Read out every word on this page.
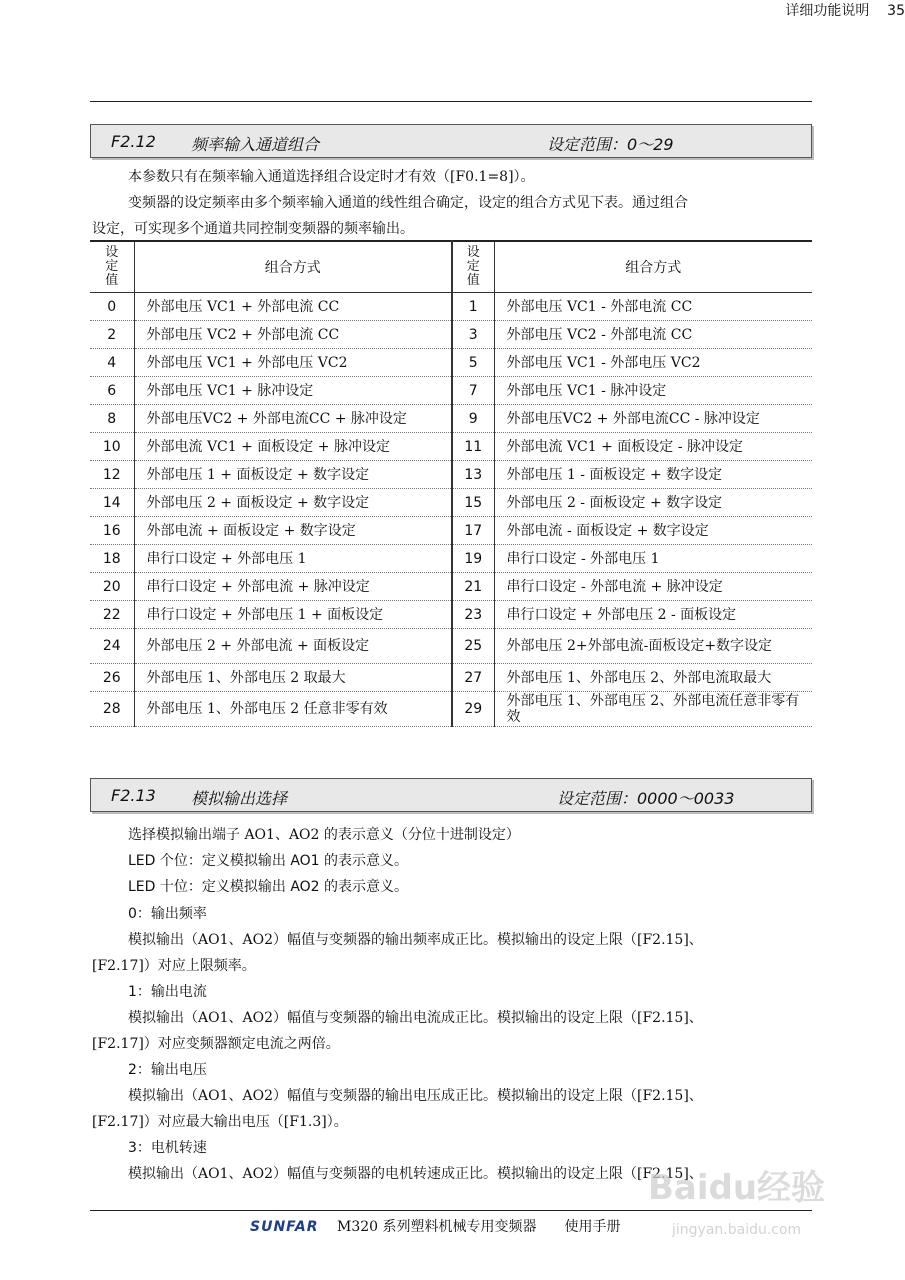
详细功能说明 35
F2.12 频率输入通道组合	设定范围：0～29
本参数只有在频率输入通道选择组合设定时才有效（[F0.1=8]）。
变频器的设定频率由多个频率输入通道的线性组合确定，设定的组合方式见下表。通过组合
设定，可实现多个通道共同控制变频器的频率输出。
设定值	组合方式	设定值	组合方式
0	外部电压 VC1 + 外部电流 CC	1	外部电压 VC1 - 外部电流 CC
2	外部电压 VC2 + 外部电流 CC	3	外部电压 VC2 - 外部电流 CC
4	外部电压 VC1 + 外部电压 VC2	5	外部电压 VC1 - 外部电压 VC2
6	外部电压 VC1 + 脉冲设定	7	外部电压 VC1 - 脉冲设定
8	外部电压VC2 + 外部电流CC + 脉冲设定	9	外部电压VC2 + 外部电流CC - 脉冲设定
10	外部电流 VC1 + 面板设定 + 脉冲设定	11	外部电流 VC1 + 面板设定 - 脉冲设定
12	外部电压 1 + 面板设定 + 数字设定	13	外部电压 1 - 面板设定 + 数字设定
14	外部电压 2 + 面板设定 + 数字设定	15	外部电压 2 - 面板设定 + 数字设定
16	外部电流 + 面板设定 + 数字设定	17	外部电流 - 面板设定 + 数字设定
18	串行口设定 + 外部电压 1	19	串行口设定 - 外部电压 1
20	串行口设定 + 外部电流 + 脉冲设定	21	串行口设定 - 外部电流 + 脉冲设定
22	串行口设定 + 外部电压 1 + 面板设定	23	串行口设定 + 外部电压 2 - 面板设定
24	外部电压 2 + 外部电流 + 面板设定	25	外部电压 2+外部电流-面板设定+数字设定
26	外部电压 1、外部电压 2 取最大	27	外部电压 1、外部电压 2、外部电流取最大
28	外部电压 1、外部电压 2 任意非零有效	29	外部电压 1、外部电压 2、外部电流任意非零有效
F2.13 模拟输出选择	设定范围：0000～0033
选择模拟输出端子 AO1、AO2 的表示意义（分位十进制设定）
LED 个位：定义模拟输出 AO1 的表示意义。
LED 十位：定义模拟输出 AO2 的表示意义。
0：输出频率
模拟输出（AO1、AO2）幅值与变频器的输出频率成正比。模拟输出的设定上限（[F2.15]、
[F2.17]）对应上限频率。
1：输出电流
模拟输出（AO1、AO2）幅值与变频器的输出电流成正比。模拟输出的设定上限（[F2.15]、
[F2.17]）对应变频器额定电流之两倍。
2：输出电压
模拟输出（AO1、AO2）幅值与变频器的输出电压成正比。模拟输出的设定上限（[F2.15]、
[F2.17]）对应最大输出电压（[F1.3]）。
3：电机转速
模拟输出（AO1、AO2）幅值与变频器的电机转速成正比。模拟输出的设定上限（[F2.15]、
Baidu经验
jingyan.baidu.com
SUNFAR M320 系列塑料机械专用变频器　　使用手册
